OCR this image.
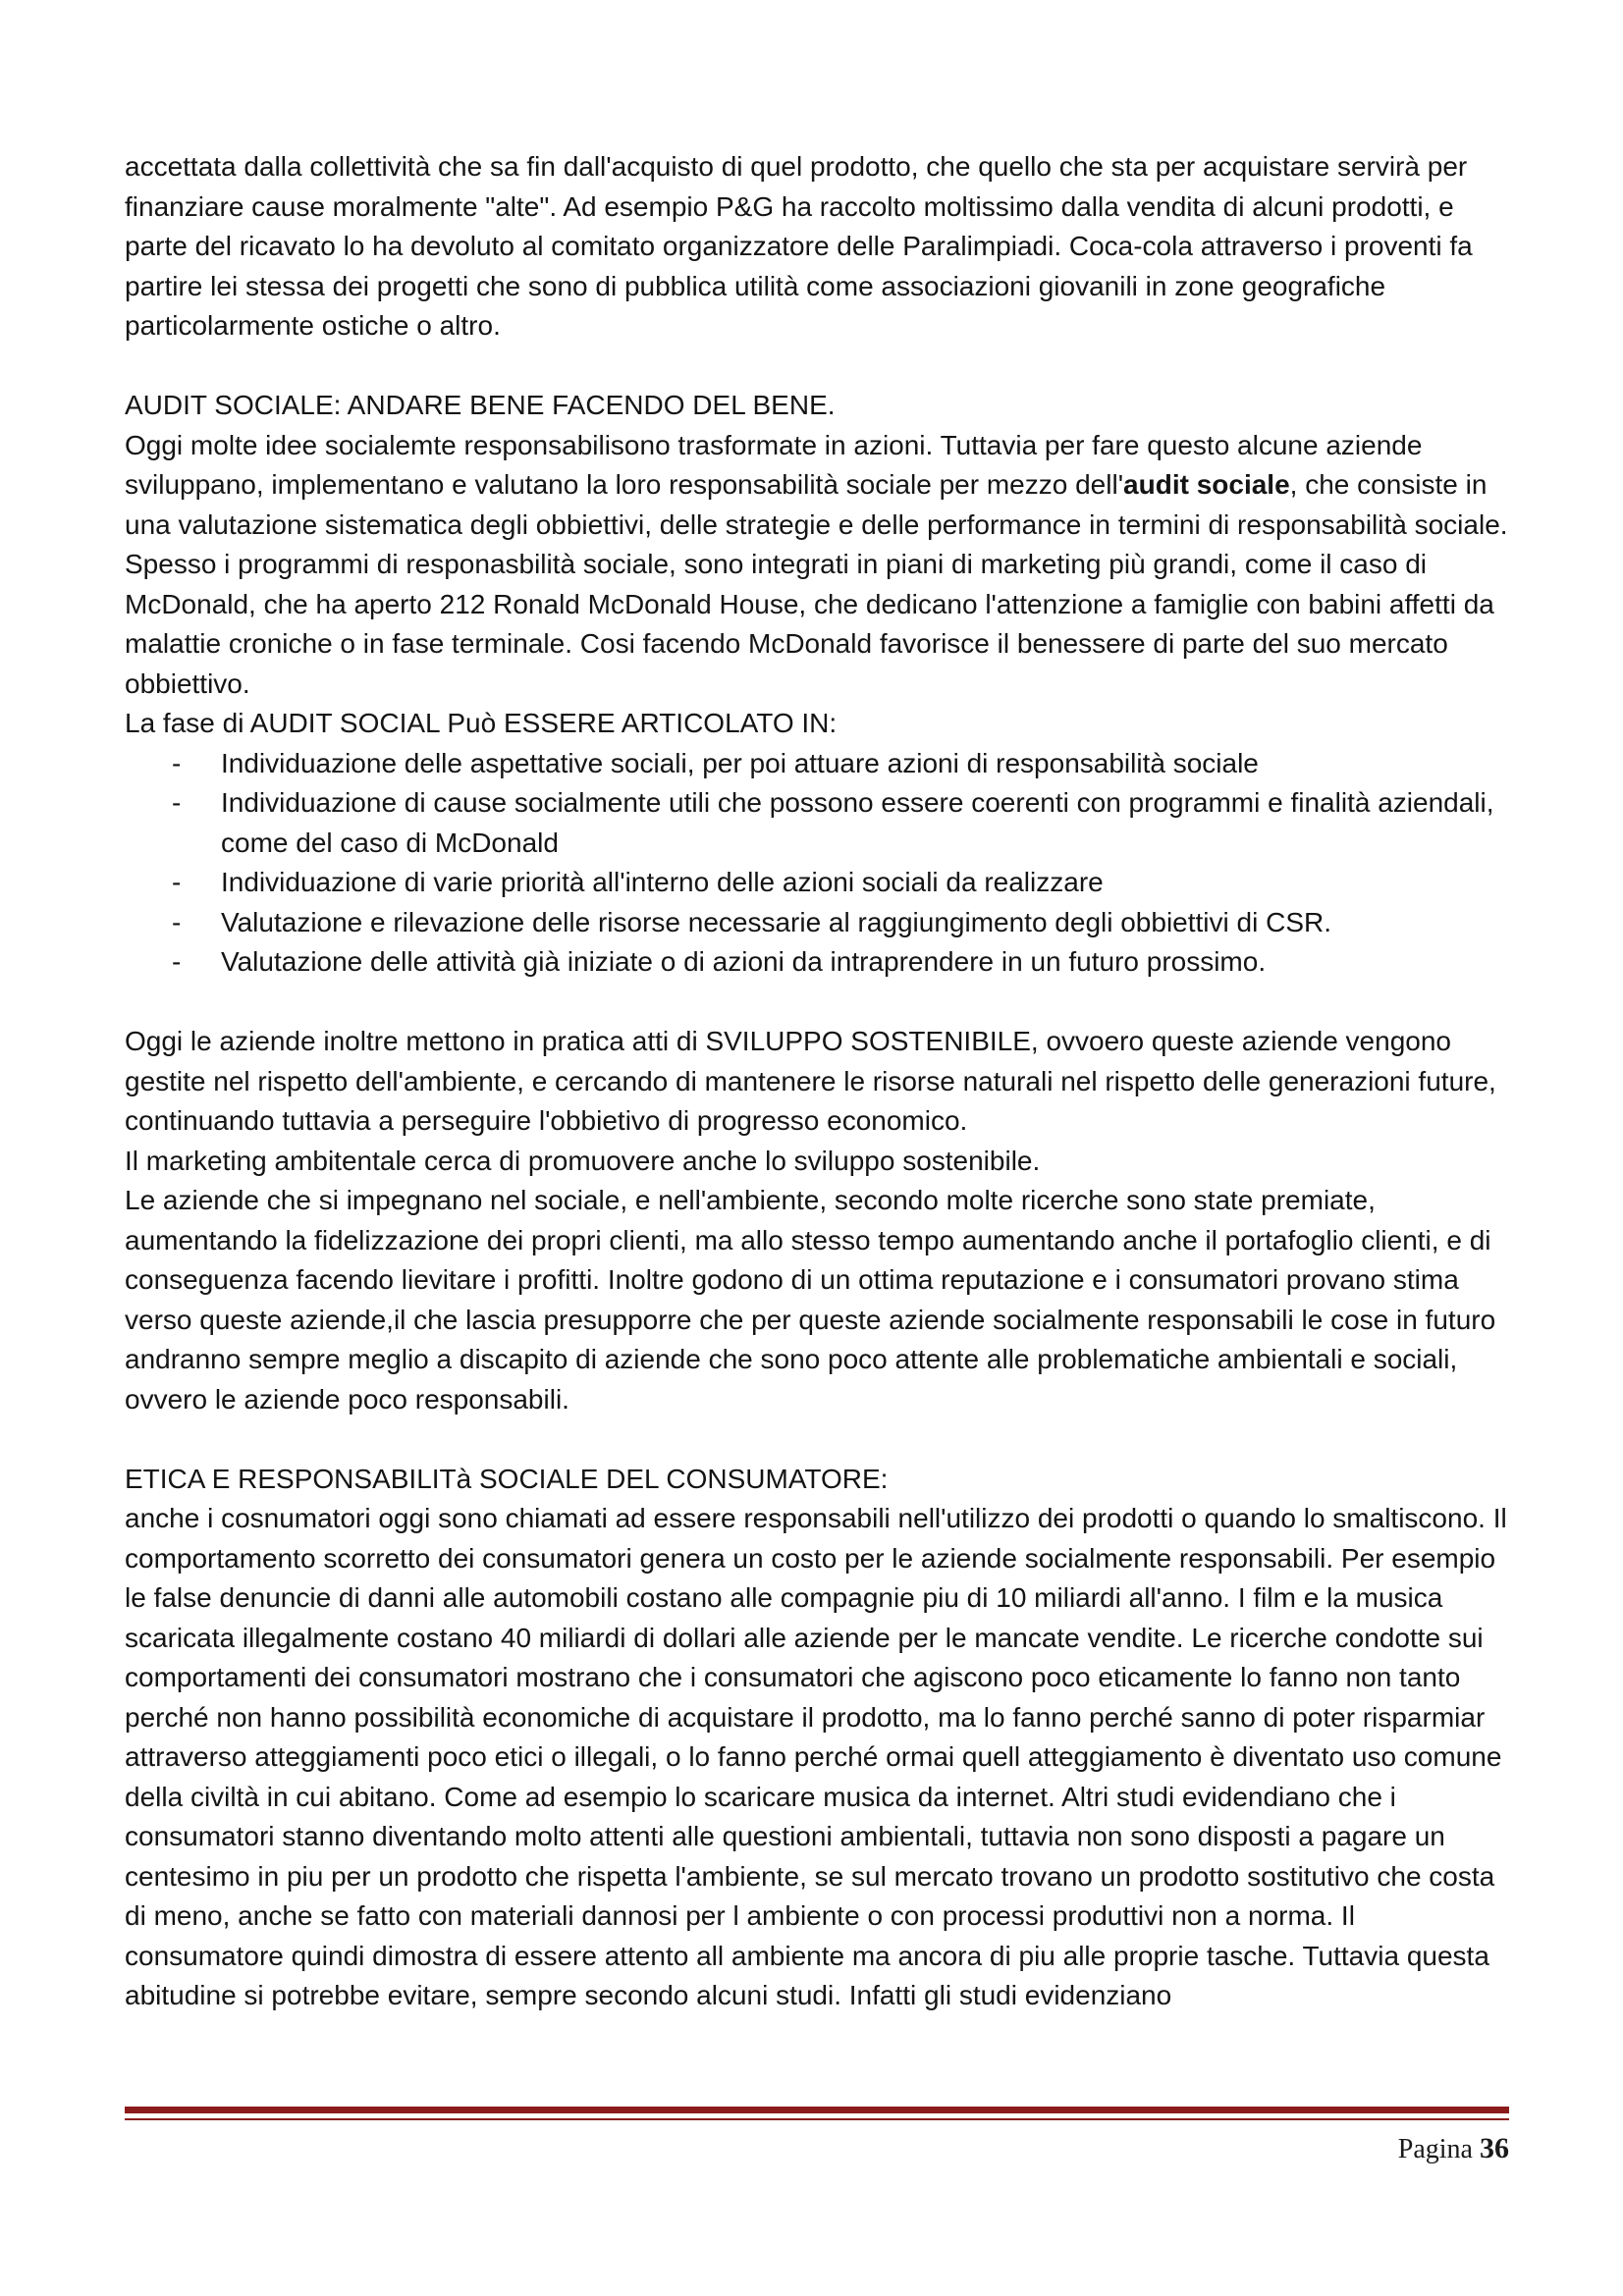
accettata dalla collettività che sa fin dall'acquisto di quel prodotto, che quello che sta per acquistare servirà per finanziare cause moralmente "alte". Ad esempio P&G ha raccolto moltissimo dalla vendita di alcuni prodotti, e parte del ricavato lo ha devoluto al comitato organizzatore delle Paralimpiadi. Coca-cola attraverso i proventi fa partire lei stessa dei progetti che sono di pubblica utilità come associazioni giovanili in zone geografiche particolarmente ostiche o altro.

AUDIT SOCIALE: ANDARE BENE FACENDO DEL BENE.

Oggi molte idee socialemte responsabilisono trasformate in azioni. Tuttavia per fare questo alcune aziende sviluppano, implementano e valutano la loro responsabilità sociale per mezzo dell'audit sociale, che consiste in una valutazione sistematica degli obbiettivi, delle strategie e delle performance in termini di responsabilità sociale.

Spesso i programmi di responasbilità sociale, sono integrati in piani di marketing più grandi, come il caso di McDonald, che ha aperto 212 Ronald McDonald House, che dedicano l'attenzione a famiglie con babini affetti da malattie croniche o in fase terminale. Cosi facendo McDonald favorisce il benessere di parte del suo mercato obbiettivo.

La fase di AUDIT SOCIAL Può ESSERE ARTICOLATO IN:

- Individuazione delle aspettative sociali, per poi attuare azioni di responsabilità sociale
- Individuazione di cause socialmente utili che possono essere coerenti con programmi e finalità aziendali, come del caso di McDonald
- Individuazione di varie priorità all'interno delle azioni sociali da realizzare
- Valutazione e rilevazione delle risorse necessarie al raggiungimento degli obbiettivi di CSR.
- Valutazione delle attività già iniziate o di azioni da intraprendere in un futuro prossimo.

Oggi le aziende inoltre mettono in pratica atti di SVILUPPO SOSTENIBILE, ovvoero queste aziende vengono gestite nel rispetto dell'ambiente, e cercando di mantenere le risorse naturali nel rispetto delle generazioni future, continuando tuttavia a perseguire l'obbietivo di progresso economico.

Il marketing ambitentale cerca di promuovere anche lo sviluppo sostenibile.

Le aziende che si impegnano nel sociale, e nell'ambiente, secondo molte ricerche sono state premiate, aumentando la fidelizzazione dei propri clienti, ma allo stesso tempo aumentando anche il portafoglio clienti, e di conseguenza facendo lievitare i profitti. Inoltre godono di un ottima reputazione e i consumatori provano stima verso queste aziende,il che lascia presupporre che per queste aziende socialmente responsabili le cose in futuro andranno sempre meglio a discapito di aziende che sono poco attente alle problematiche ambientali e sociali, ovvero le aziende poco responsabili.

ETICA E RESPONSABILITà SOCIALE DEL CONSUMATORE:

anche i cosnumatori oggi sono chiamati ad essere responsabili nell'utilizzo dei prodotti o quando lo smaltiscono. Il comportamento scorretto dei consumatori genera un costo per le aziende socialmente responsabili. Per esempio le false denuncie di danni alle automobili costano alle compagnie piu di 10 miliardi all'anno. I film e la musica scaricata illegalmente costano 40 miliardi di dollari alle aziende per le mancate vendite. Le ricerche condotte sui comportamenti dei consumatori mostrano che i consumatori che agiscono poco eticamente lo fanno non tanto perché non hanno possibilità economiche di acquistare il prodotto, ma lo fanno perché sanno di poter risparmiar attraverso atteggiamenti poco etici o illegali, o lo fanno perché ormai quell atteggiamento è diventato uso comune della civiltà in cui abitano. Come ad esempio lo scaricare musica da internet. Altri studi evidendiano che i consumatori stanno diventando molto attenti alle questioni ambientali, tuttavia non sono disposti a pagare un centesimo in piu per un prodotto che rispetta l'ambiente, se sul mercato trovano un prodotto sostitutivo che costa di meno, anche se fatto con materiali dannosi per l ambiente o con processi produttivi non a norma. Il consumatore quindi dimostra di essere attento all ambiente ma ancora di piu alle proprie tasche. Tuttavia questa abitudine si potrebbe evitare, sempre secondo alcuni studi. Infatti gli studi evidenziano

Pagina 36
